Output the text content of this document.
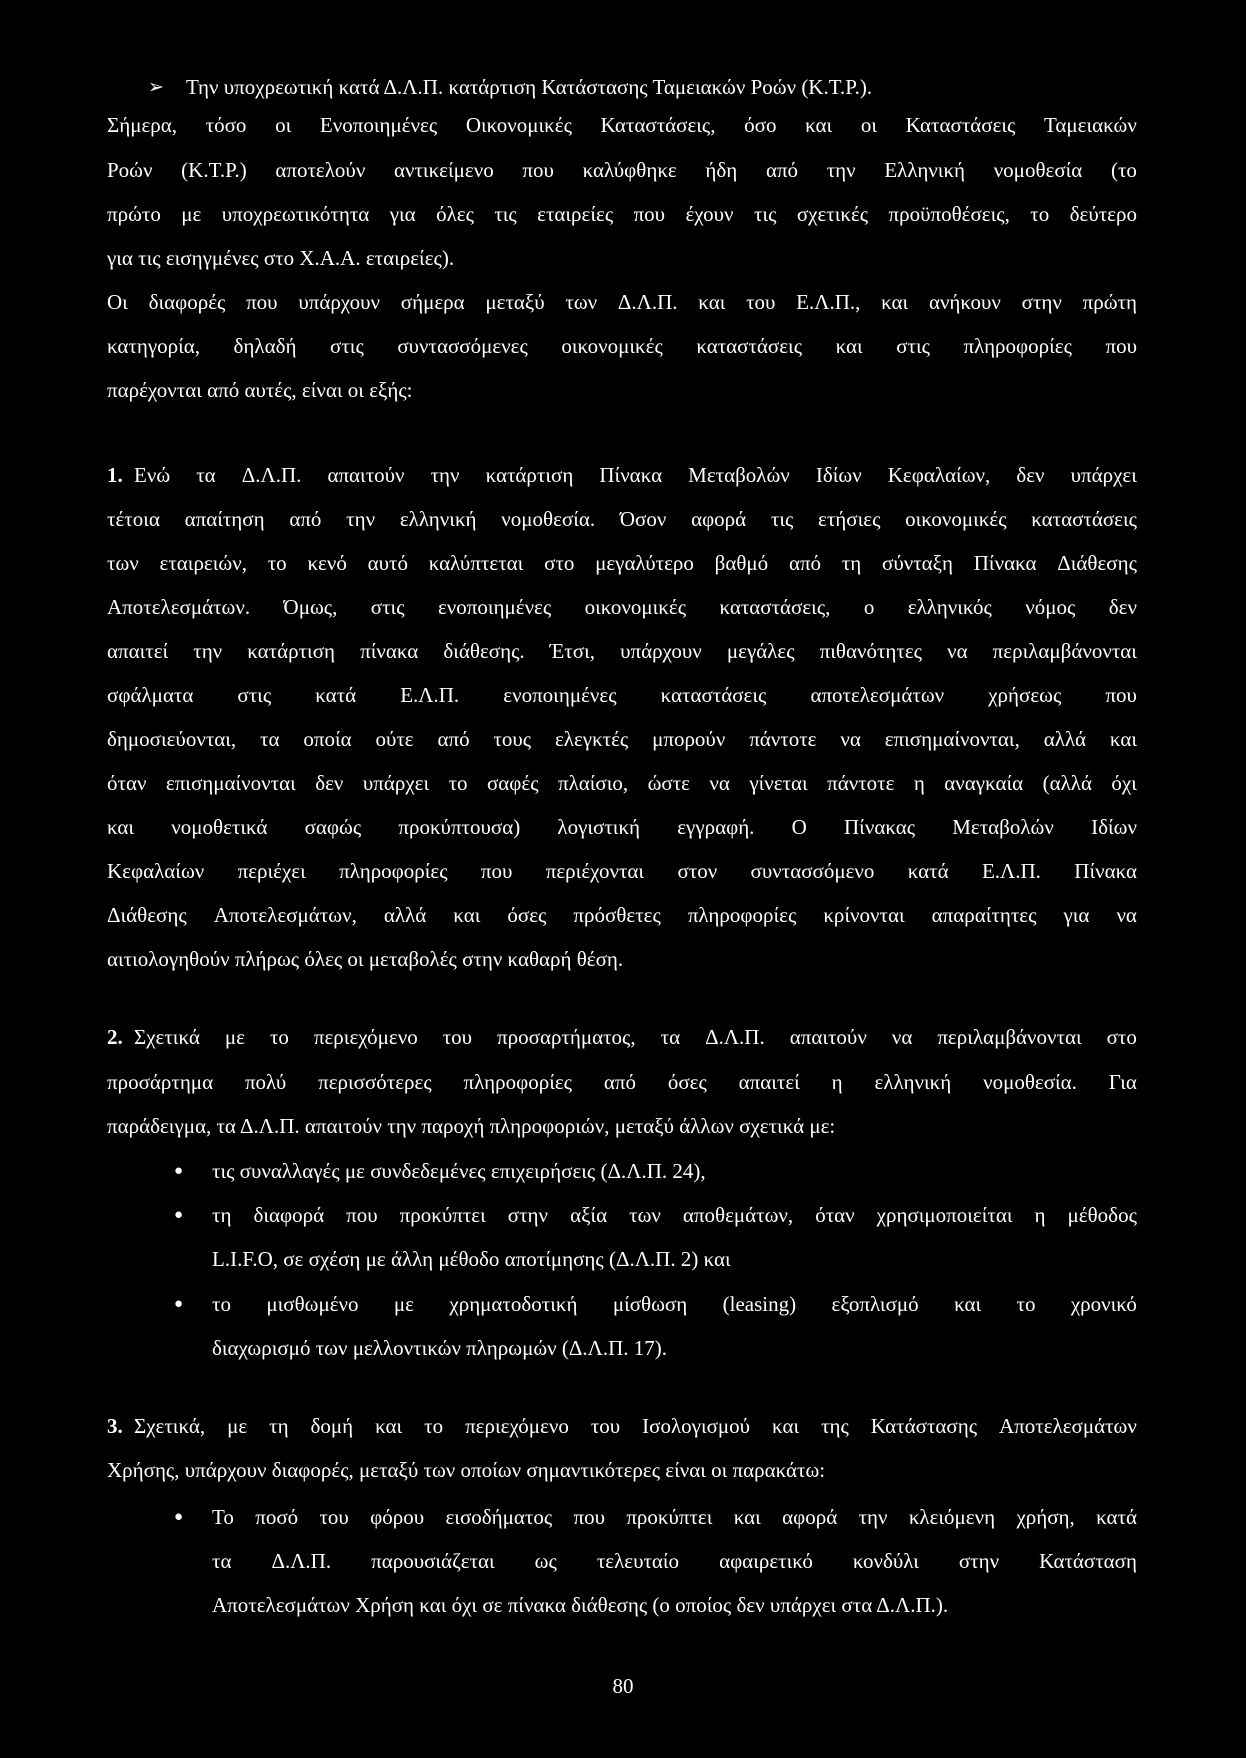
➢ Την υποχρεωτική κατά Δ.Λ.Π. κατάρτιση Κατάστασης Ταμειακών Ροών (Κ.Τ.Ρ.).
Σήμερα, τόσο οι Ενοποιημένες Οικονομικές Καταστάσεις, όσο και οι Καταστάσεις Ταμειακών
Ροών (Κ.Τ.Ρ.) αποτελούν αντικείμενο που καλύφθηκε ήδη από την Ελληνική νομοθεσία (το
πρώτο με υποχρεωτικότητα για όλες τις εταιρείες που έχουν τις σχετικές προϋποθέσεις, το δεύτερο
για τις εισηγμένες στο Χ.Α.Α. εταιρείες).
Οι διαφορές που υπάρχουν σήμερα μεταξύ των Δ.Λ.Π. και του Ε.Λ.Π., και ανήκουν στην πρώτη
κατηγορία, δηλαδή στις συντασσόμενες οικονομικές καταστάσεις και στις πληροφορίες που
παρέχονται από αυτές, είναι οι εξής:
1. Ενώ τα Δ.Λ.Π. απαιτούν την κατάρτιση Πίνακα Μεταβολών Ιδίων Κεφαλαίων, δεν υπάρχει
τέτοια απαίτηση από την ελληνική νομοθεσία. Όσον αφορά τις ετήσιες οικονομικές καταστάσεις
των εταιρειών, το κενό αυτό καλύπτεται στο μεγαλύτερο βαθμό από τη σύνταξη Πίνακα Διάθεσης
Αποτελεσμάτων. Όμως, στις ενοποιημένες οικονομικές καταστάσεις, ο ελληνικός νόμος δεν
απαιτεί την κατάρτιση πίνακα διάθεσης. Έτσι, υπάρχουν μεγάλες πιθανότητες να περιλαμβάνονται
σφάλματα στις κατά Ε.Λ.Π. ενοποιημένες καταστάσεις αποτελεσμάτων χρήσεως που
δημοσιεύονται, τα οποία ούτε από τους ελεγκτές μπορούν πάντοτε να επισημαίνονται, αλλά και
όταν επισημαίνονται δεν υπάρχει το σαφές πλαίσιο, ώστε να γίνεται πάντοτε η αναγκαία (αλλά όχι
και νομοθετικά σαφώς προκύπτουσα) λογιστική εγγραφή. Ο Πίνακας Μεταβολών Ιδίων
Κεφαλαίων περιέχει πληροφορίες που περιέχονται στον συντασσόμενο κατά Ε.Λ.Π. Πίνακα
Διάθεσης Αποτελεσμάτων, αλλά και όσες πρόσθετες πληροφορίες κρίνονται απαραίτητες για να
αιτιολογηθούν πλήρως όλες οι μεταβολές στην καθαρή θέση.
2. Σχετικά με το περιεχόμενο του προσαρτήματος, τα Δ.Λ.Π. απαιτούν να περιλαμβάνονται στο
προσάρτημα πολύ περισσότερες πληροφορίες από όσες απαιτεί η ελληνική νομοθεσία. Για
παράδειγμα, τα Δ.Λ.Π. απαιτούν την παροχή πληροφοριών, μεταξύ άλλων σχετικά με:
● τις συναλλαγές με συνδεδεμένες επιχειρήσεις (Δ.Λ.Π. 24),
● τη διαφορά που προκύπτει στην αξία των αποθεμάτων, όταν χρησιμοποιείται η μέθοδος
L.I.F.O, σε σχέση με άλλη μέθοδο αποτίμησης (Δ.Λ.Π. 2) και
● το μισθωμένο με χρηματοδοτική μίσθωση (leasing) εξοπλισμό και το χρονικό
διαχωρισμό των μελλοντικών πληρωμών (Δ.Λ.Π. 17).
3. Σχετικά, με τη δομή και το περιεχόμενο του Ισολογισμού και της Κατάστασης Αποτελεσμάτων
Χρήσης, υπάρχουν διαφορές, μεταξύ των οποίων σημαντικότερες είναι οι παρακάτω:
● Το ποσό του φόρου εισοδήματος που προκύπτει και αφορά την κλειόμενη χρήση, κατά
τα Δ.Λ.Π. παρουσιάζεται ως τελευταίο αφαιρετικό κονδύλι στην Κατάσταση
Αποτελεσμάτων Χρήση και όχι σε πίνακα διάθεσης (ο οποίος δεν υπάρχει στα Δ.Λ.Π.).
80
